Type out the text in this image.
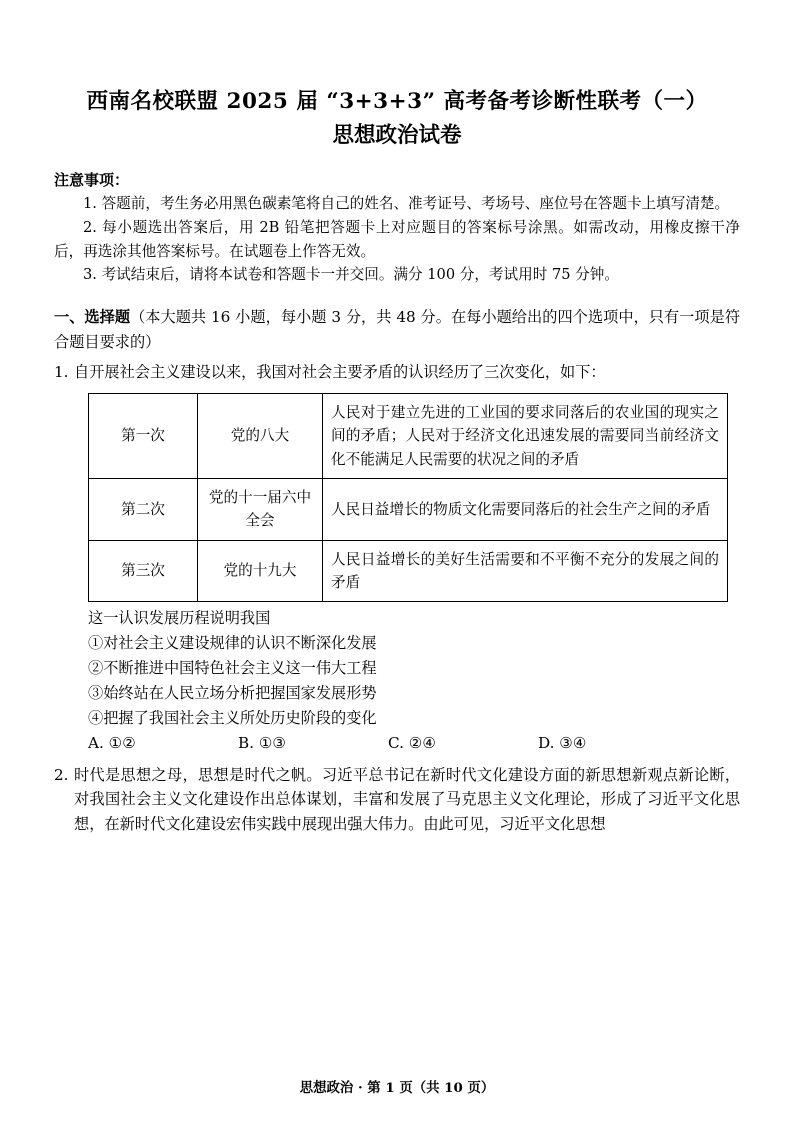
西南名校联盟 2025 届 “3+3+3” 高考备考诊断性联考（一）
思想政治试卷
注意事项：

1. 答题前，考生务必用黑色碳素笔将自己的姓名、准考证号、考场号、座位号在答题卡上填写清楚。

2. 每小题选出答案后，用 2B 铅笔把答题卡上对应题目的答案标号涂黑。如需改动，用橡皮擦干净后，再选涂其他答案标号。在试题卷上作答无效。

3. 考试结束后，请将本试卷和答题卡一并交回。满分 100 分，考试用时 75 分钟。

一、选择题（本大题共 16 小题，每小题 3 分，共 48 分。在每小题给出的四个选项中，只有一项是符合题目要求的）
1. 自开展社会主义建设以来，我国对社会主要矛盾的认识经历了三次变化，如下：
第一次	党的八大	人民对于建立先进的工业国的要求同落后的农业国的现实之间的矛盾；人民对于经济文化迅速发展的需要同当前经济文化不能满足人民需要的状况之间的矛盾
第二次	党的十一届六中全会	人民日益增长的物质文化需要同落后的社会生产之间的矛盾
第三次	党的十九大	人民日益增长的美好生活需要和不平衡不充分的发展之间的矛盾
这一认识发展历程说明我国
①对社会主义建设规律的认识不断深化发展
②不断推进中国特色社会主义这一伟大工程
③始终站在人民立场分析把握国家发展形势
④把握了我国社会主义所处历史阶段的变化
A. ①②	B. ①③	C. ②④	D. ③④
2. 时代是思想之母，思想是时代之帆。习近平总书记在新时代文化建设方面的新思想新观点新论断，对我国社会主义文化建设作出总体谋划，丰富和发展了马克思主义文化理论，形成了习近平文化思想，在新时代文化建设宏伟实践中展现出强大伟力。由此可见，习近平文化思想
思想政治 · 第 1 页（共 10 页）
